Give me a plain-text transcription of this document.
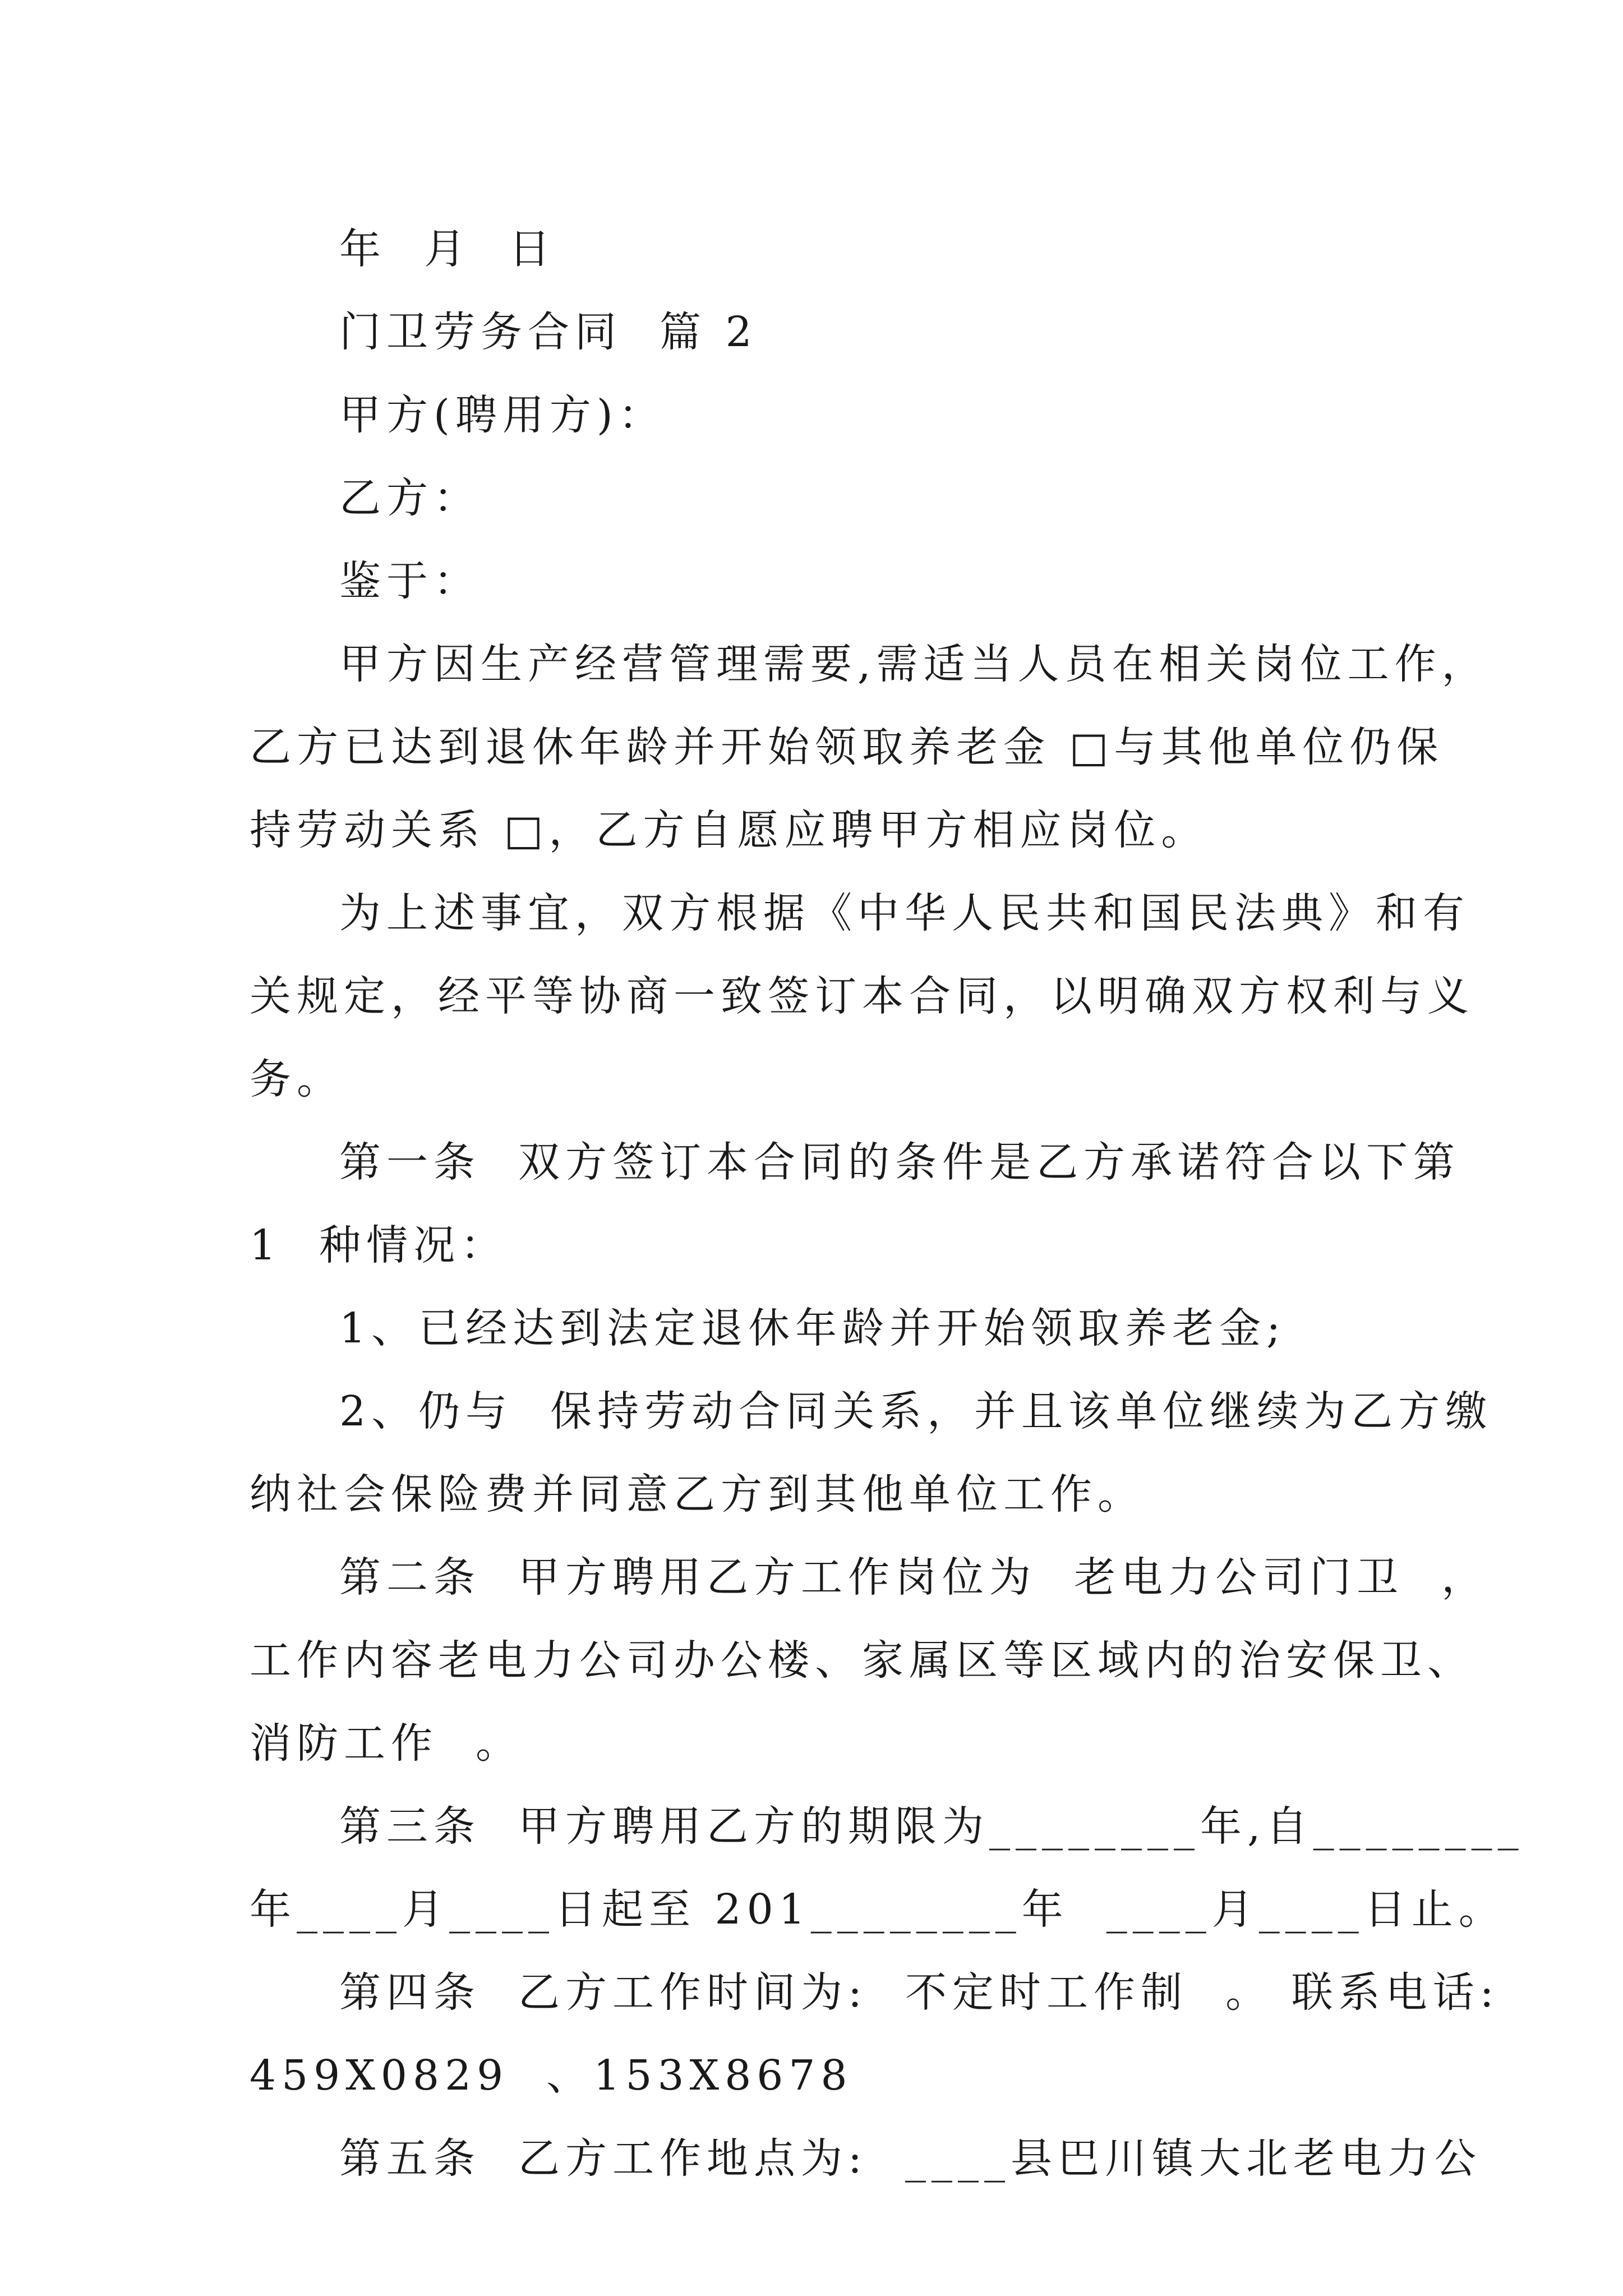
年  月  日
门卫劳务合同  篇 2
甲方(聘用方)：
乙方：
鉴于：
甲方因生产经营管理需要,需适当人员在相关岗位工作，
乙方已达到退休年龄并开始领取养老金 □与其他单位仍保
持劳动关系 □，乙方自愿应聘甲方相应岗位。
为上述事宜，双方根据《中华人民共和国民法典》和有
关规定，经平等协商一致签订本合同，以明确双方权利与义
务。
第一条  双方签订本合同的条件是乙方承诺符合以下第
1  种情况：
1、已经达到法定退休年龄并开始领取养老金;
2、仍与  保持劳动合同关系，并且该单位继续为乙方缴
纳社会保险费并同意乙方到其他单位工作。
第二条  甲方聘用乙方工作岗位为  老电力公司门卫  ，
工作内容老电力公司办公楼、家属区等区域内的治安保卫、
消防工作  。
第三条  甲方聘用乙方的期限为________年,自________
年____月____日起至 201________年  ____月____日止。
第四条  乙方工作时间为:  不定时工作制  。 联系电话:
459X0829  、153X8678
第五条  乙方工作地点为:  ____县巴川镇大北老电力公
